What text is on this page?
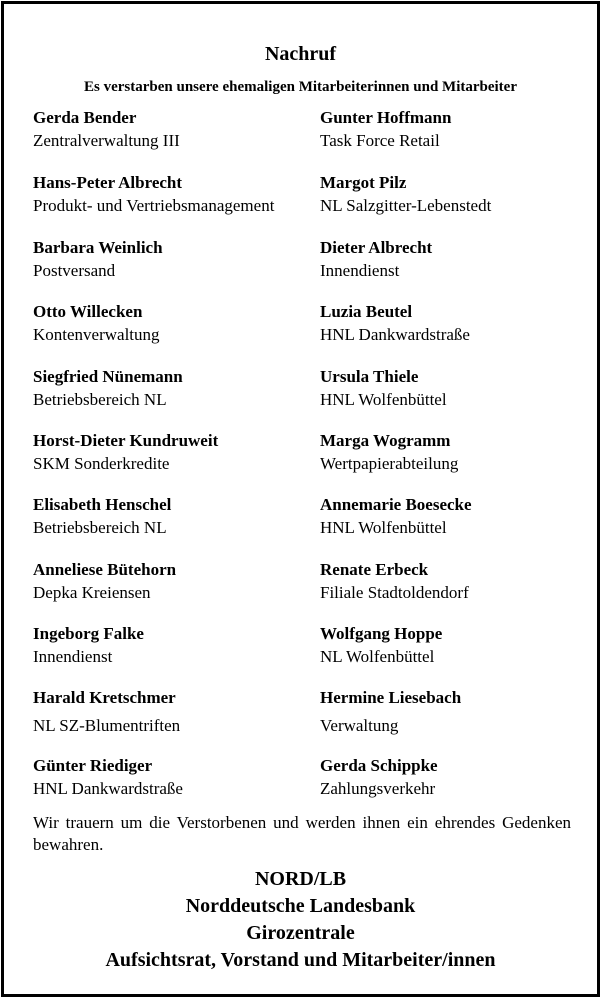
Nachruf
Es verstarben unsere ehemaligen Mitarbeiterinnen und Mitarbeiter
Gerda Bender
Zentralverwaltung III
Gunter Hoffmann
Task Force Retail
Hans-Peter Albrecht
Produkt- und Vertriebsmanagement
Margot Pilz
NL Salzgitter-Lebenstedt
Barbara Weinlich
Postversand
Dieter Albrecht
Innendienst
Otto Willecken
Kontenverwaltung
Luzia Beutel
HNL Dankwardstraße
Siegfried Nünemann
Betriebsbereich NL
Ursula Thiele
HNL Wolfenbüttel
Horst-Dieter Kundruweit
SKM Sonderkredite
Marga Wogramm
Wertpapierabteilung
Elisabeth Henschel
Betriebsbereich NL
Annemarie Boesecke
HNL Wolfenbüttel
Anneliese Bütehorn
Depka Kreiensen
Renate Erbeck
Filiale Stadtoldendorf
Ingeborg Falke
Innendienst
Wolfgang Hoppe
NL Wolfenbüttel
Harald Kretschmer
NL SZ-Blumentriften
Hermine Liesebach
Verwaltung
Günter Riediger
HNL Dankwardstraße
Gerda Schippke
Zahlungsverkehr
Wir trauern um die Verstorbenen und werden ihnen ein ehrendes Gedenken bewahren.
NORD/LB
Norddeutsche Landesbank
Girozentrale
Aufsichtsrat, Vorstand und Mitarbeiter/innen
